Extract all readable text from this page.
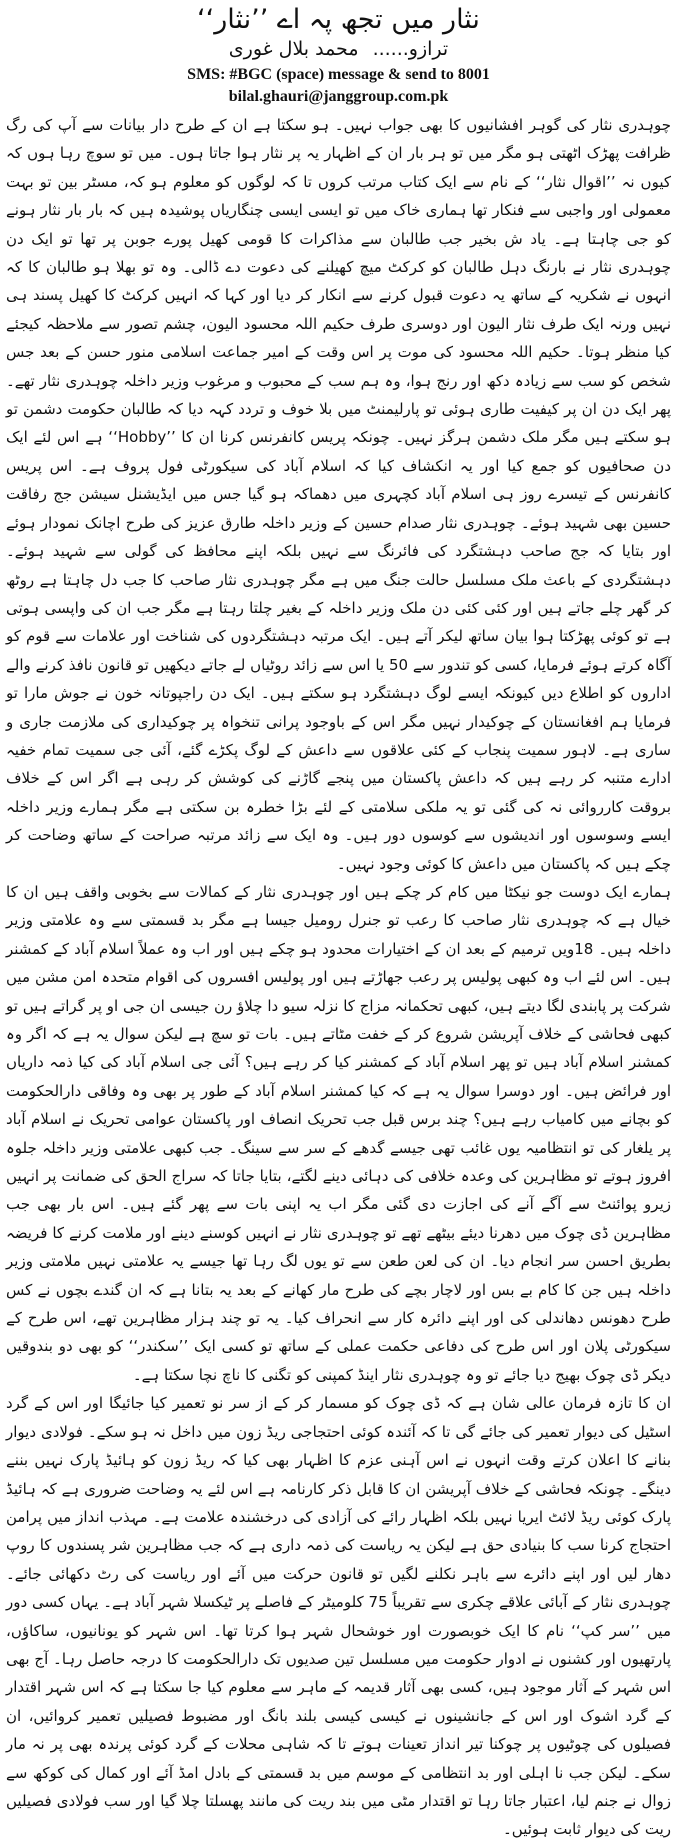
نثار میں تجھ پہ اے ’’نثار‘‘
ترازو...... محمد بلال غوری
SMS: #BGC (space) message & send to 8001
bilal.ghauri@janggroup.com.pk

چوہدری نثار کی گوہر افشانیوں کا بھی جواب نہیں۔ ہو سکتا ہے ان کے طرح دار بیانات سے آپ کی رگ ظرافت پھڑک اٹھتی ہو مگر میں تو ہر بار ان کے اظہار یہ پر نثار ہوا جاتا ہوں۔ میں تو سوچ رہا ہوں کہ کیوں نہ ’’اقوال نثار‘‘ کے نام سے ایک کتاب مرتب کروں تا کہ لوگوں کو معلوم ہو کہ، مسٹر بین تو بہت معمولی اور واجبی سے فنکار تھا ہماری خاک میں تو ایسی ایسی چنگاریاں پوشیدہ ہیں کہ بار بار نثار ہونے کو جی چاہتا ہے۔ یاد ش بخیر جب طالبان سے مذاکرات کا قومی کھیل پورے جوبن پر تھا تو ایک دن چوہدری نثار نے بارنگ دہل طالبان کو کرکٹ میچ کھیلنے کی دعوت دے ڈالی۔ وہ تو بھلا ہو طالبان کا کہ انہوں نے شکریہ کے ساتھ یہ دعوت قبول کرنے سے انکار کر دیا اور کہا کہ انہیں کرکٹ کا کھیل پسند ہی نہیں ورنہ ایک طرف نثار الیون اور دوسری طرف حکیم اللہ محسود الیون، چشم تصور سے ملاحظہ کیجئے کیا منظر ہوتا۔ حکیم اللہ محسود کی موت پر اس وقت کے امیر جماعت اسلامی منور حسن کے بعد جس شخص کو سب سے زیادہ دکھ اور رنج ہوا، وہ ہم سب کے محبوب و مرغوب وزیر داخلہ چوہدری نثار تھے۔ پھر ایک دن ان پر کیفیت طاری ہوئی تو پارلیمنٹ میں بلا خوف و تردد کہہ دیا کہ طالبان حکومت دشمن تو ہو سکتے ہیں مگر ملک دشمن ہرگز نہیں۔ چونکہ پریس کانفرنس کرنا ان کا ’’Hobby‘‘ ہے اس لئے ایک دن صحافیوں کو جمع کیا اور یہ انکشاف کیا کہ اسلام آباد کی سیکورٹی فول پروف ہے۔ اس پریس کانفرنس کے تیسرے روز ہی اسلام آباد کچہری میں دھماکہ ہو گیا جس میں ایڈیشنل سیشن جج رفاقت حسین بھی شہید ہوئے۔ چوہدری نثار صدام حسین کے وزیر داخلہ طارق عزیز کی طرح اچانک نمودار ہوئے اور بتایا کہ جج صاحب دہشتگرد کی فائرنگ سے نہیں بلکہ اپنے محافظ کی گولی سے شہید ہوئے۔ دہشتگردی کے باعث ملک مسلسل حالت جنگ میں ہے مگر چوہدری نثار صاحب کا جب دل چاہتا ہے روٹھ کر گھر چلے جاتے ہیں اور کئی کئی دن ملک وزیر داخلہ کے بغیر چلتا رہتا ہے مگر جب ان کی واپسی ہوتی ہے تو کوئی پھڑکتا ہوا بیان ساتھ لیکر آتے ہیں۔ ایک مرتبہ دہشتگردوں کی شناخت اور علامات سے قوم کو آگاہ کرتے ہوئے فرمایا، کسی کو تندور سے 50 یا اس سے زائد روٹیاں لے جاتے دیکھیں تو قانون نافذ کرنے والے اداروں کو اطلاع دیں کیونکہ ایسے لوگ دہشتگرد ہو سکتے ہیں۔ ایک دن راجپوتانہ خون نے جوش مارا تو فرمایا ہم افغانستان کے چوکیدار نہیں مگر اس کے باوجود پرانی تنخواہ پر چوکیداری کی ملازمت جاری و ساری ہے۔ لاہور سمیت پنجاب کے کئی علاقوں سے داعش کے لوگ پکڑے گئے، آئی جی سمیت تمام خفیہ ادارے متنبہ کر رہے ہیں کہ داعش پاکستان میں پنجے گاڑنے کی کوشش کر رہی ہے اگر اس کے خلاف بروقت کارروائی نہ کی گئی تو یہ ملکی سلامتی کے لئے بڑا خطرہ بن سکتی ہے مگر ہمارے وزیر داخلہ ایسے وسوسوں اور اندیشوں سے کوسوں دور ہیں۔ وہ ایک سے زائد مرتبہ صراحت کے ساتھ وضاحت کر چکے ہیں کہ پاکستان میں داعش کا کوئی وجود نہیں۔

ہمارے ایک دوست جو نیکٹا میں کام کر چکے ہیں اور چوہدری نثار کے کمالات سے بخوبی واقف ہیں ان کا خیال ہے کہ چوہدری نثار صاحب کا رعب تو جنرل رومیل جیسا ہے مگر بد قسمتی سے وہ علامتی وزیر داخلہ ہیں۔ 18ویں ترمیم کے بعد ان کے اختیارات محدود ہو چکے ہیں اور اب وہ عملاً اسلام آباد کے کمشنر ہیں۔ اس لئے اب وہ کبھی پولیس پر رعب جھاڑتے ہیں اور پولیس افسروں کی اقوام متحدہ امن مشن میں شرکت پر پابندی لگا دیتے ہیں، کبھی تحکمانہ مزاج کا نزلہ سیو دا چلاؤ رن جیسی ان جی او پر گراتے ہیں تو کبھی فحاشی کے خلاف آپریشن شروع کر کے خفت مٹاتے ہیں۔ بات تو سچ ہے لیکن سوال یہ ہے کہ اگر وہ کمشنر اسلام آباد ہیں تو پھر اسلام آباد کے کمشنر کیا کر رہے ہیں؟ آئی جی اسلام آباد کی کیا ذمہ داریاں اور فرائض ہیں۔ اور دوسرا سوال یہ ہے کہ کیا کمشنر اسلام آباد کے طور پر بھی وہ وفاقی دارالحکومت کو بچانے میں کامیاب رہے ہیں؟ چند برس قبل جب تحریک انصاف اور پاکستان عوامی تحریک نے اسلام آباد پر یلغار کی تو انتظامیہ یوں غائب تھی جیسے گدھے کے سر سے سینگ۔ جب کبھی علامتی وزیر داخلہ جلوہ افروز ہوتے تو مظاہرین کی وعدہ خلافی کی دہائی دینے لگتے، بتایا جاتا کہ سراج الحق کی ضمانت پر انہیں زیرو پوائنٹ سے آگے آنے کی اجازت دی گئی مگر اب یہ اپنی بات سے پھر گئے ہیں۔ اس بار بھی جب مظاہرین ڈی چوک میں دھرنا دیئے بیٹھے تھے تو چوہدری نثار نے انہیں کوسنے دینے اور ملامت کرنے کا فریضہ بطریق احسن سر انجام دیا۔ ان کی لعن طعن سے تو یوں لگ رہا تھا جیسے یہ علامتی نہیں ملامتی وزیر داخلہ ہیں جن کا کام بے بس اور لاچار بچے کی طرح مار کھانے کے بعد یہ بتانا ہے کہ ان گندے بچوں نے کس طرح دھونس دھاندلی کی اور اپنے دائرہ کار سے انحراف کیا۔ یہ تو چند ہزار مظاہرین تھے، اس طرح کے سیکورٹی پلان اور اس طرح کی دفاعی حکمت عملی کے ساتھ تو کسی ایک ’’سکندر‘‘ کو بھی دو بندوقیں دیکر ڈی چوک بھیج دیا جائے تو وہ چوہدری نثار اینڈ کمپنی کو تگنی کا ناچ نچا سکتا ہے۔

ان کا تازہ فرمان عالی شان ہے کہ ڈی چوک کو مسمار کر کے از سر نو تعمیر کیا جائیگا اور اس کے گرد اسٹیل کی دیوار تعمیر کی جائے گی تا کہ آئندہ کوئی احتجاجی ریڈ زون میں داخل نہ ہو سکے۔ فولادی دیوار بنانے کا اعلان کرتے وقت انہوں نے اس آہنی عزم کا اظہار بھی کیا کہ ریڈ زون کو ہائیڈ پارک نہیں بننے دینگے۔ چونکہ فحاشی کے خلاف آپریشن ان کا قابل ذکر کارنامہ ہے اس لئے یہ وضاحت ضروری ہے کہ ہائیڈ پارک کوئی ریڈ لائٹ ایریا نہیں بلکہ اظہار رائے کی آزادی کی درخشندہ علامت ہے۔ مہذب انداز میں پرامن احتجاج کرنا سب کا بنیادی حق ہے لیکن یہ ریاست کی ذمہ داری ہے کہ جب مظاہرین شر پسندوں کا روپ دھار لیں اور اپنے دائرے سے باہر نکلنے لگیں تو قانون حرکت میں آئے اور ریاست کی رٹ دکھائی جائے۔ چوہدری نثار کے آبائی علاقے چکری سے تقریباً 75 کلومیٹر کے فاصلے پر ٹیکسلا شہر آباد ہے۔ یہاں کسی دور میں ’’سر کپ‘‘ نام کا ایک خوبصورت اور خوشحال شہر ہوا کرتا تھا۔ اس شہر کو یونانیوں، ساکاؤں، پارتھیوں اور کشنوں نے ادوار حکومت میں مسلسل تین صدیوں تک دارالحکومت کا درجہ حاصل رہا۔ آج بھی اس شہر کے آثار موجود ہیں، کسی بھی آثار قدیمہ کے ماہر سے معلوم کیا جا سکتا ہے کہ اس شہر اقتدار کے گرد اشوک اور اس کے جانشینوں نے کیسی کیسی بلند بانگ اور مضبوط فصیلیں تعمیر کروائیں، ان فصیلوں کی چوٹیوں پر چوکنا تیر انداز تعینات ہوتے تا کہ شاہی محلات کے گرد کوئی پرندہ بھی پر نہ مار سکے۔ لیکن جب نا اہلی اور بد انتظامی کے موسم میں بد قسمتی کے بادل امڈ آئے اور کمال کی کوکھ سے زوال نے جنم لیا، اعتبار جاتا رہا تو اقتدار مٹی میں بند ریت کی مانند پھسلتا چلا گیا اور سب فولادی فصیلیں ریت کی دیوار ثابت ہوئیں۔
